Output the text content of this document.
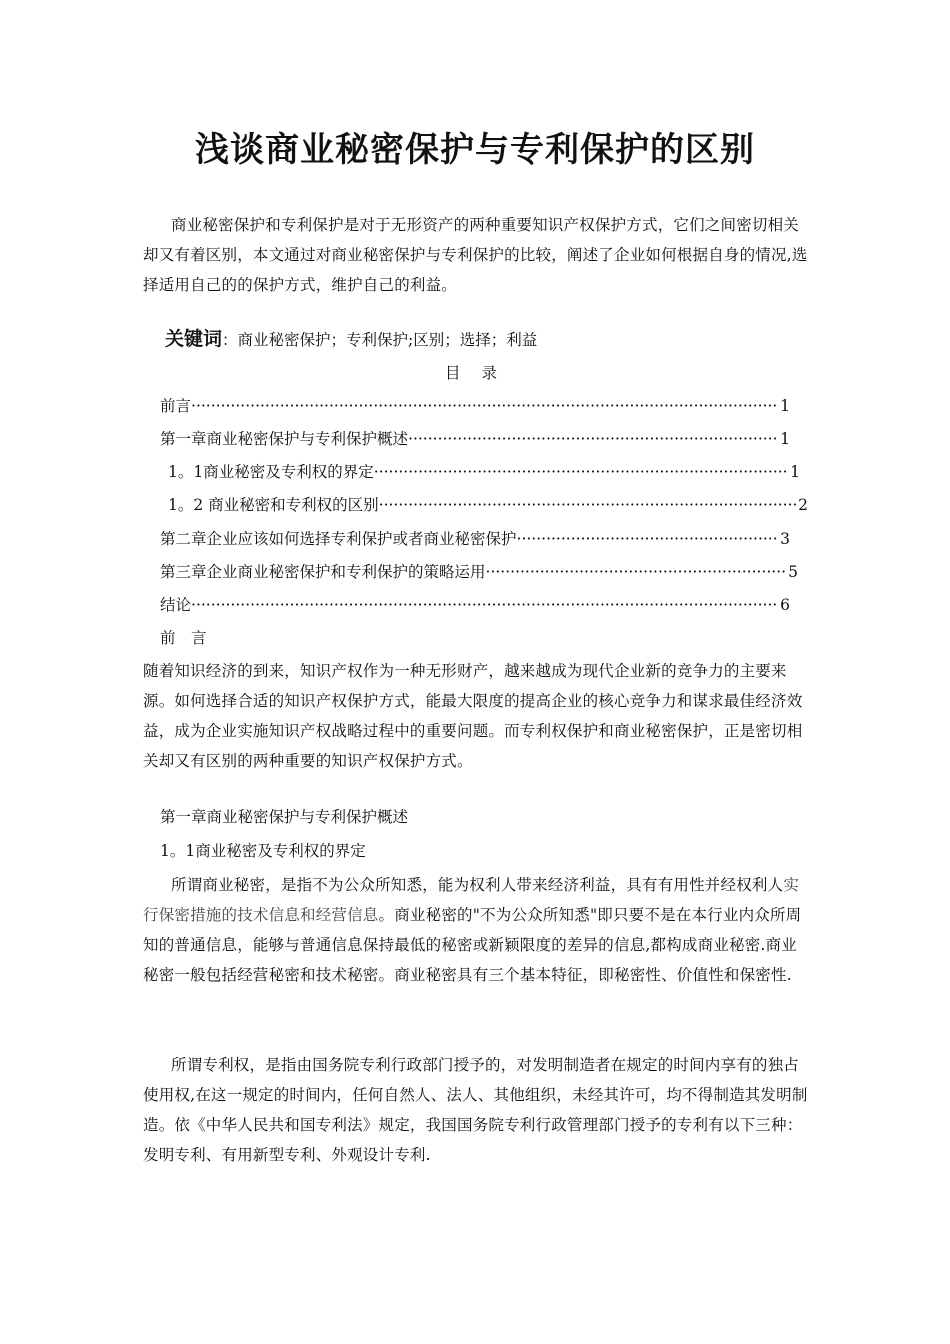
浅谈商业秘密保护与专利保护的区别
商业秘密保护和专利保护是对于无形资产的两种重要知识产权保护方式，它们之间密切相关却又有着区别，本文通过对商业秘密保护与专利保护的比较，阐述了企业如何根据自身的情况,选择适用自己的的保护方式，维护自己的利益。
关键词：商业秘密保护；专利保护;区别；选择；利益
目 录
前言 ·····	1
第一章商业秘密保护与专利保护概述 ·····	1
1。1商业秘密及专利权的界定 ·····	1
1。2 商业秘密和专利权的区别 ·····	2
第二章企业应该如何选择专利保护或者商业秘密保护 ·····	3
第三章企业商业秘密保护和专利保护的策略运用 ·····	5
结论 ·····	6
前　言
随着知识经济的到来，知识产权作为一种无形财产，越来越成为现代企业新的竞争力的主要来源。如何选择合适的知识产权保护方式，能最大限度的提高企业的核心竞争力和谋求最佳经济效益，成为企业实施知识产权战略过程中的重要问题。而专利权保护和商业秘密保护，正是密切相关却又有区别的两种重要的知识产权保护方式。
第一章商业秘密保护与专利保护概述
1。1商业秘密及专利权的界定
所谓商业秘密，是指不为公众所知悉，能为权利人带来经济利益，具有有用性并经权利人实行保密措施的技术信息和经营信息。商业秘密的"不为公众所知悉"即只要不是在本行业内众所周知的普通信息，能够与普通信息保持最低的秘密或新颖限度的差异的信息,都构成商业秘密.商业秘密一般包括经营秘密和技术秘密。商业秘密具有三个基本特征，即秘密性、价值性和保密性.
所谓专利权，是指由国务院专利行政部门授予的，对发明制造者在规定的时间内享有的独占使用权,在这一规定的时间内，任何自然人、法人、其他组织，未经其许可，均不得制造其发明制造。依《中华人民共和国专利法》规定，我国国务院专利行政管理部门授予的专利有以下三种：　 发明专利、有用新型专利、外观设计专利.
